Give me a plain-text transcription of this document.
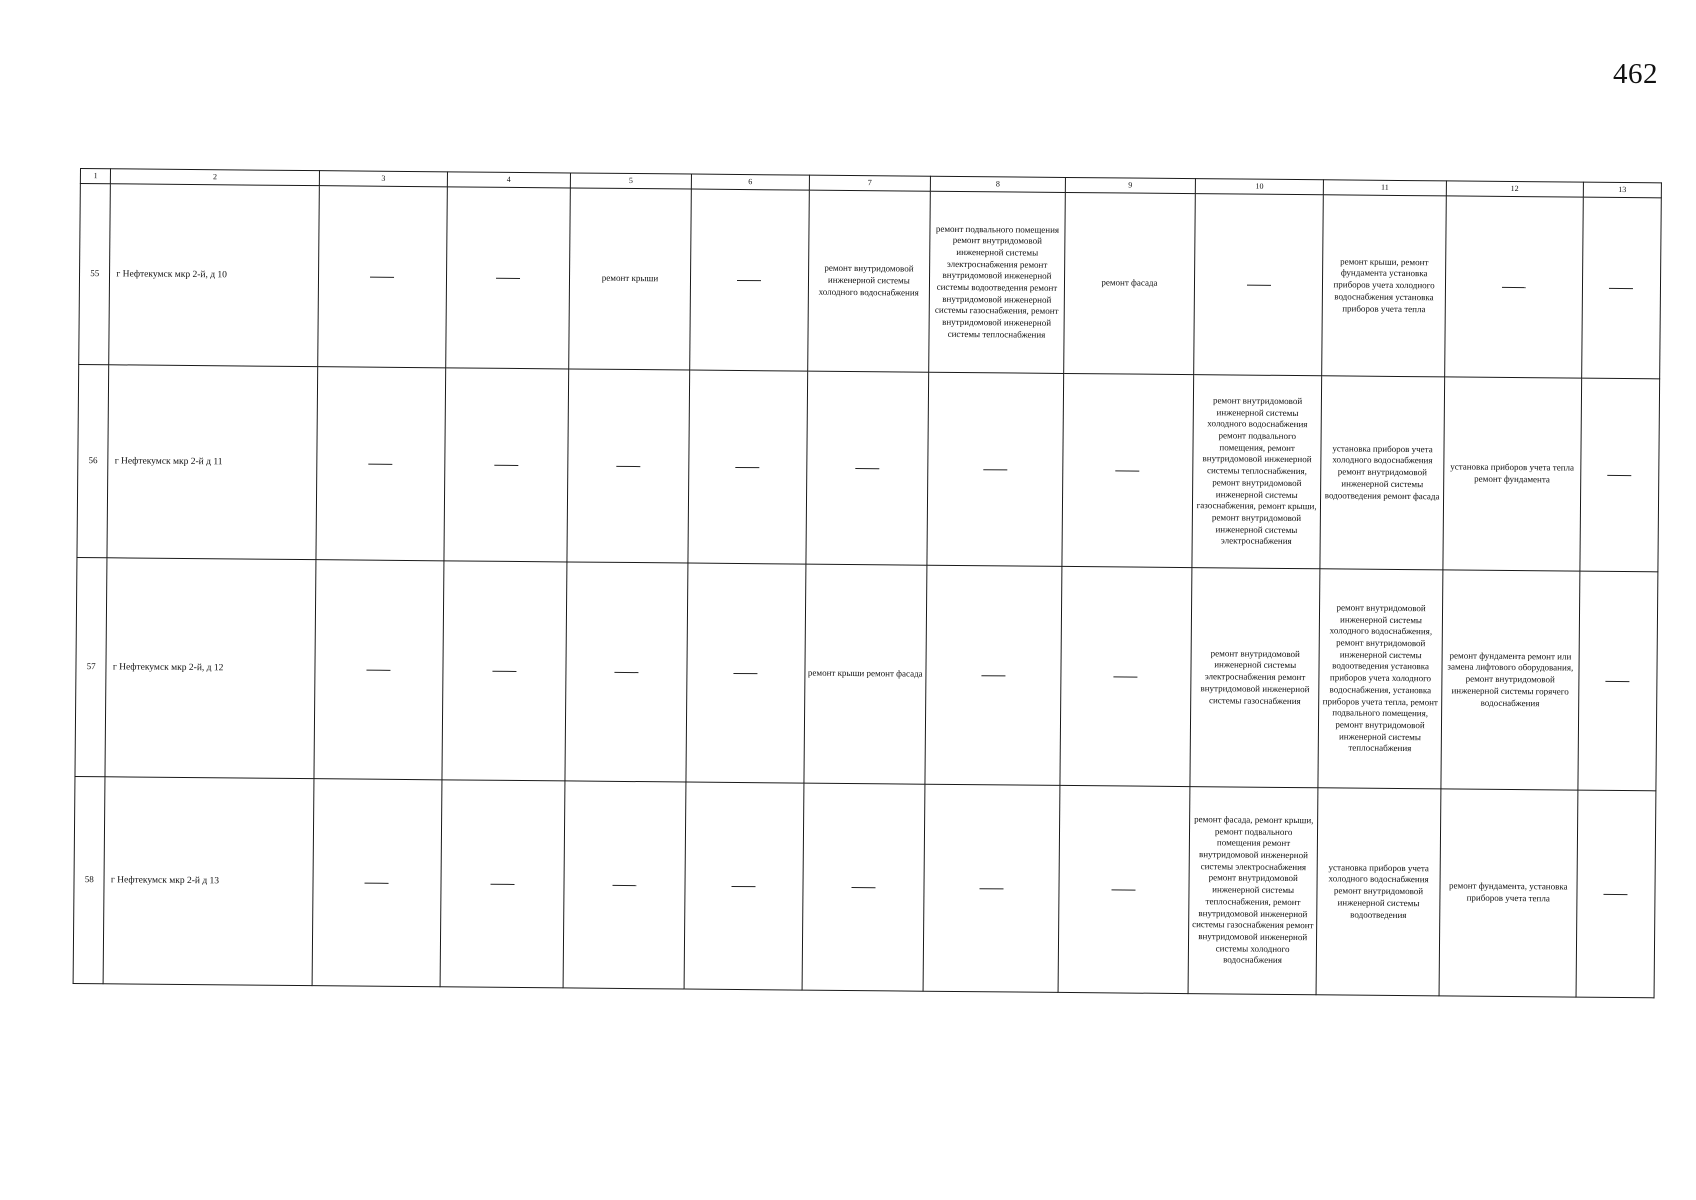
462
1	2	3	4	5	6	7	8	9	10	11	12	13
55	г Нефтекумск мкр 2-й, д 10			ремонт крыши		ремонт внутридомовой инженерной системы холодного водоснабжения	ремонт подвального помещения ремонт внутридомовой инженерной системы электроснабжения ремонт внутридомовой инженерной системы водоотведения ремонт внутридомовой инженерной системы газоснабжения, ремонт внутридомовой инженерной системы теплоснабжения	ремонт фасада		ремонт крыши, ремонт фундамента установка приборов учета холодного водоснабжения установка приборов учета тепла		
56	г Нефтекумск мкр 2-й д 11								ремонт внутридомовой инженерной системы холодного водоснабжения ремонт подвального помещения, ремонт внутридомовой инженерной системы теплоснабжения, ремонт внутридомовой инженерной системы газоснабжения, ремонт крыши, ремонт внутридомовой инженерной системы электроснабжения	установка приборов учета холодного водоснабжения ремонт внутридомовой инженерной системы водоотведения ремонт фасада	установка приборов учета тепла ремонт фундамента	
57	г Нефтекумск мкр 2-й, д 12					ремонт крыши ремонт фасада			ремонт внутридомовой инженерной системы электроснабжения ремонт внутридомовой инженерной системы газоснабжения	ремонт внутридомовой инженерной системы холодного водоснабжения, ремонт внутридомовой инженерной системы водоотведения установка приборов учета холодного водоснабжения, установка приборов учета тепла, ремонт подвального помещения, ремонт внутридомовой инженерной системы теплоснабжения	ремонт фундамента ремонт или замена лифтового оборудования, ремонт внутридомовой инженерной системы горячего водоснабжения	
58	г Нефтекумск мкр 2-й д 13								ремонт фасада, ремонт крыши, ремонт подвального помещения ремонт внутридомовой инженерной системы электроснабжения ремонт внутридомовой инженерной системы теплоснабжения, ремонт внутридомовой инженерной системы газоснабжения ремонт внутридомовой инженерной системы холодного водоснабжения	установка приборов учета холодного водоснабжения ремонт внутридомовой инженерной системы водоотведения	ремонт фундамента, установка приборов учета тепла	
